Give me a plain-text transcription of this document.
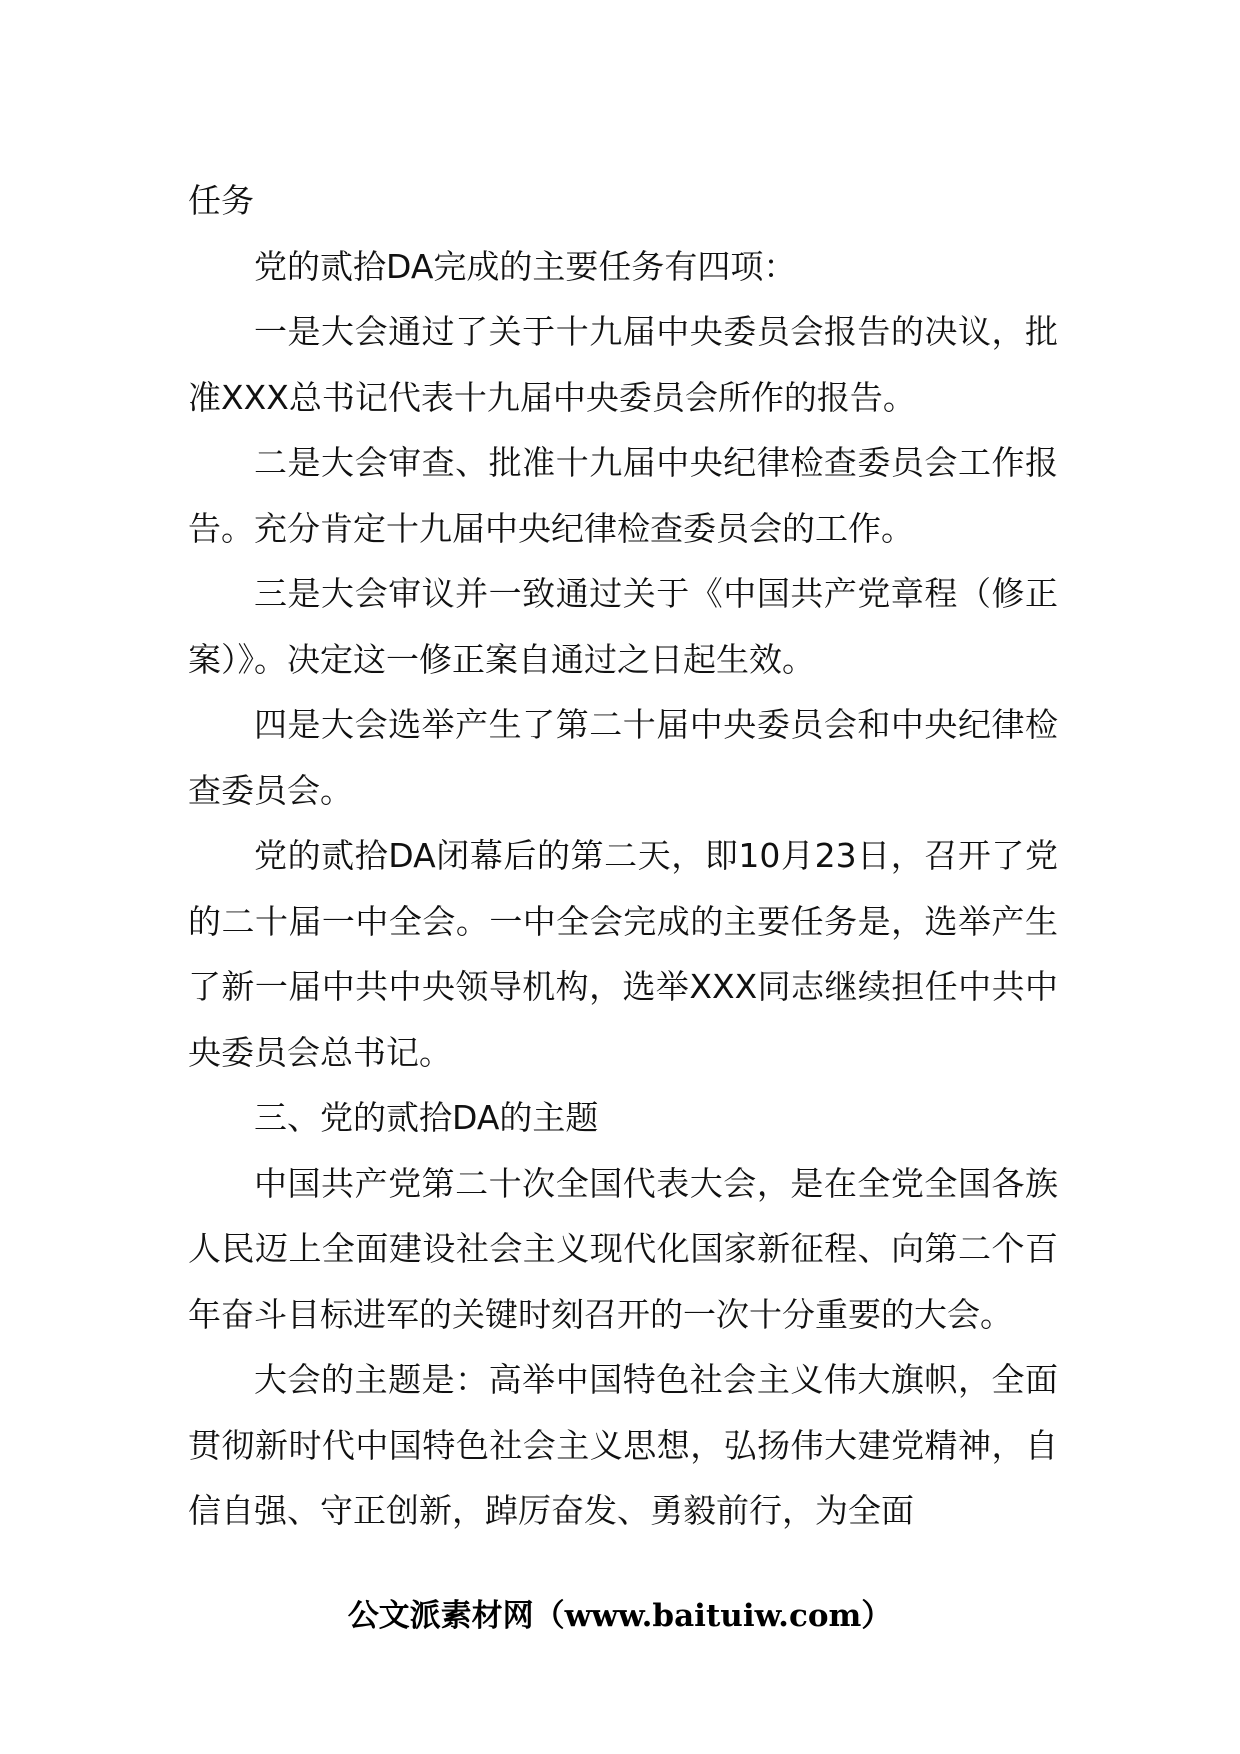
任务

党的贰拾DA完成的主要任务有四项：

一是大会通过了关于十九届中央委员会报告的决议，批准XXX总书记代表十九届中央委员会所作的报告。

二是大会审查、批准十九届中央纪律检查委员会工作报告。充分肯定十九届中央纪律检查委员会的工作。

三是大会审议并一致通过关于《中国共产党章程（修正案）》。决定这一修正案自通过之日起生效。

四是大会选举产生了第二十届中央委员会和中央纪律检查委员会。

党的贰拾DA闭幕后的第二天，即10月23日，召开了党的二十届一中全会。一中全会完成的主要任务是，选举产生了新一届中共中央领导机构，选举XXX同志继续担任中共中央委员会总书记。

三、党的贰拾DA的主题

中国共产党第二十次全国代表大会，是在全党全国各族人民迈上全面建设社会主义现代化国家新征程、向第二个百年奋斗目标进军的关键时刻召开的一次十分重要的大会。

大会的主题是：高举中国特色社会主义伟大旗帜，全面贯彻新时代中国特色社会主义思想，弘扬伟大建党精神，自信自强、守正创新，踔厉奋发、勇毅前行，为全面

公文派素材网（www.baituiw.com）
